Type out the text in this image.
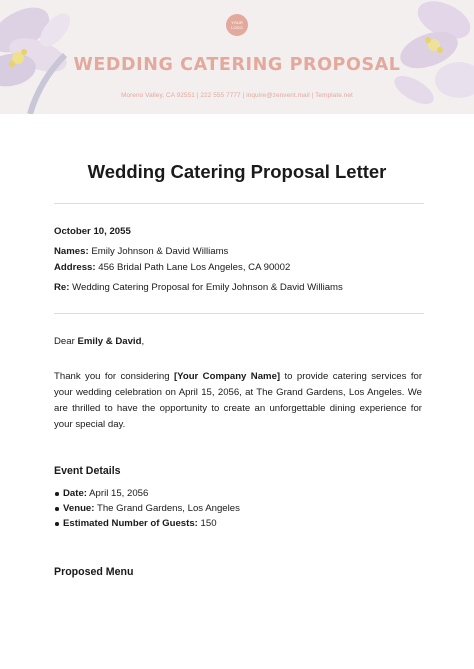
YOUR LOGO
WEDDING CATERING PROPOSAL
Moreno Valley, CA 92551 | 222 555 7777 | inquire@zenvent.mail | Template.net
Wedding Catering Proposal Letter
October 10, 2055
Names: Emily Johnson & David Williams
Address: 456 Bridal Path Lane Los Angeles, CA 90002
Re: Wedding Catering Proposal for Emily Johnson & David Williams
Dear Emily & David,
Thank you for considering [Your Company Name] to provide catering services for your wedding celebration on April 15, 2056, at The Grand Gardens, Los Angeles. We are thrilled to have the opportunity to create an unforgettable dining experience for your special day.
Event Details
Date: April 15, 2056
Venue: The Grand Gardens, Los Angeles
Estimated Number of Guests: 150
Proposed Menu
